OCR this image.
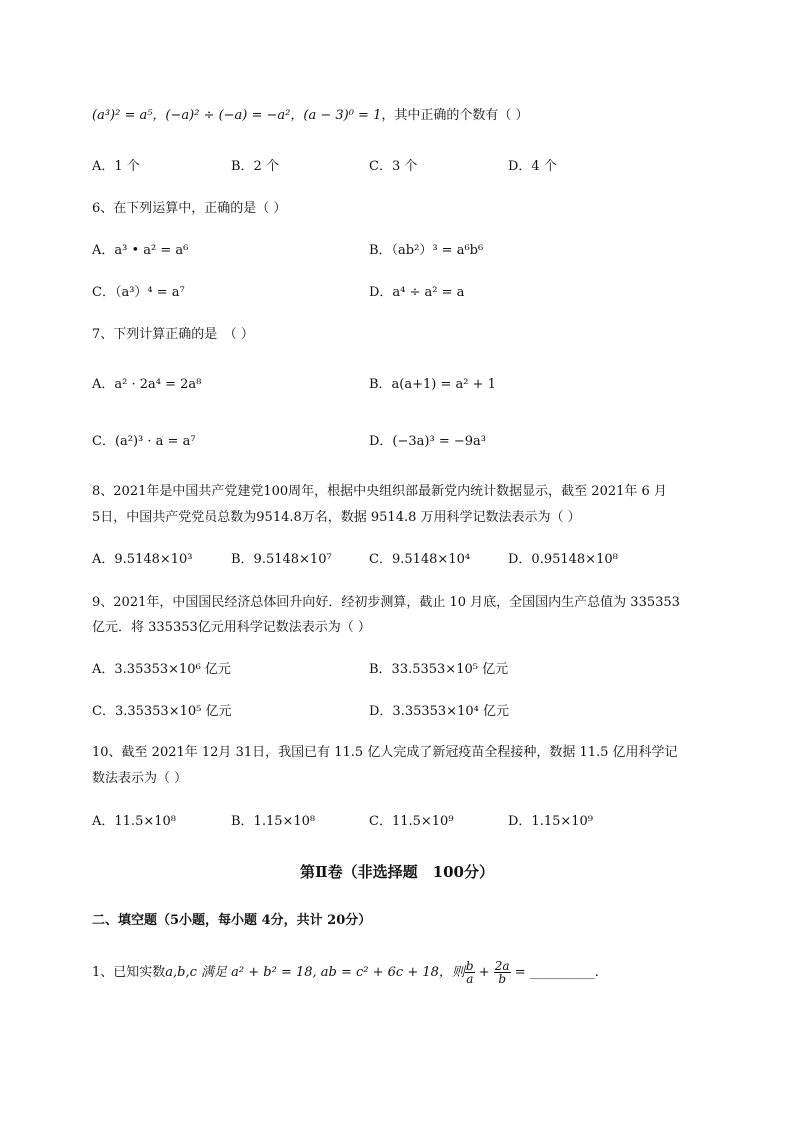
(a³)² = a⁵，(−a)² ÷ (−a) = −a²，(a − 3)⁰ = 1，其中正确的个数有（ ）
A．1 个	B．2 个	C．3 个	D．4 个
6、在下列运算中，正确的是（ ）
A．a³ • a² = a⁶	B．（ab²）³ = a⁶b⁶
C．（a³）⁴ = a⁷	D．a⁴ ÷ a² = a
7、下列计算正确的是　（ ）
A．a² · 2a⁴ = 2a⁸	B．a(a+1) = a² + 1
C．(a²)³ · a = a⁷	D．(−3a)³ = −9a³
8、2021年是中国共产党建党100周年，根据中央组织部最新党内统计数据显示，截至 2021年 6 月
5日，中国共产党党员总数为9514.8万名，数据 9514.8 万用科学记数法表示为（ ）
A．9.5148×10³	B．9.5148×10⁷	C．9.5148×10⁴	D．0.95148×10⁸
9、2021年，中国国民经济总体回升向好．经初步测算，截止 10 月底，全国国内生产总值为 335353
亿元．将 335353亿元用科学记数法表示为（ ）
A．3.35353×10⁶ 亿元	B．33.5353×10⁵ 亿元
C．3.35353×10⁵ 亿元	D．3.35353×10⁴ 亿元
10、截至 2021年 12月 31日，我国已有 11.5 亿人完成了新冠疫苗全程接种，数据 11.5 亿用科学记
数法表示为（ ）
A．11.5×10⁸	B．1.15×10⁸	C．11.5×10⁹	D．1.15×10⁹
第Ⅱ卷（非选择题　100分）
二、填空题（5小题，每小题 4分，共计 20分）
1、已知实数a,b,c 满足 a² + b² = 18, ab = c² + 6c + 18，则 $\frac{b}{a} + \frac{2a}{b}$ = __________.
